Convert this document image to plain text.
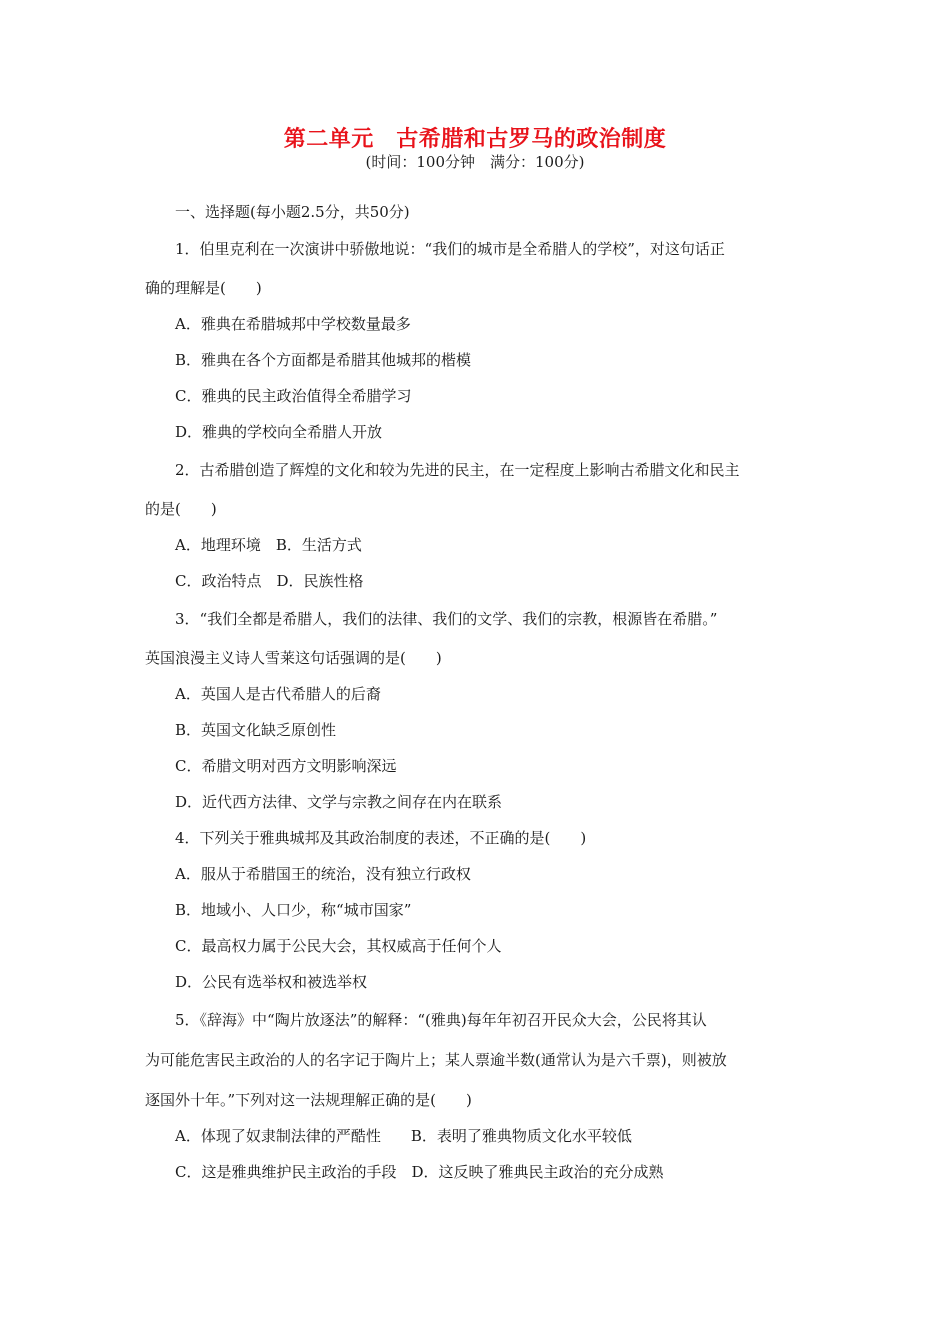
第二单元　古希腊和古罗马的政治制度
(时间：100分钟　满分：100分)
一、选择题(每小题2.5分，共50分)
1．伯里克利在一次演讲中骄傲地说：“我们的城市是全希腊人的学校”，对这句话正
确的理解是(　　)
A．雅典在希腊城邦中学校数量最多
B．雅典在各个方面都是希腊其他城邦的楷模
C．雅典的民主政治值得全希腊学习
D．雅典的学校向全希腊人开放
2．古希腊创造了辉煌的文化和较为先进的民主，在一定程度上影响古希腊文化和民主
的是(　　)
A．地理环境　B．生活方式
C．政治特点　D．民族性格
3．“我们全都是希腊人，我们的法律、我们的文学、我们的宗教，根源皆在希腊。”
英国浪漫主义诗人雪莱这句话强调的是(　　)
A．英国人是古代希腊人的后裔
B．英国文化缺乏原创性
C．希腊文明对西方文明影响深远
D．近代西方法律、文学与宗教之间存在内在联系
4．下列关于雅典城邦及其政治制度的表述，不正确的是(　　)
A．服从于希腊国王的统治，没有独立行政权
B．地域小、人口少，称“城市国家”
C．最高权力属于公民大会，其权威高于任何个人
D．公民有选举权和被选举权
5．《辞海》中“陶片放逐法”的解释：“(雅典)每年年初召开民众大会，公民将其认
为可能危害民主政治的人的名字记于陶片上；某人票逾半数(通常认为是六千票)，则被放
逐国外十年。”下列对这一法规理解正确的是(　　)
A．体现了奴隶制法律的严酷性　　B．表明了雅典物质文化水平较低
C．这是雅典维护民主政治的手段　D．这反映了雅典民主政治的充分成熟
